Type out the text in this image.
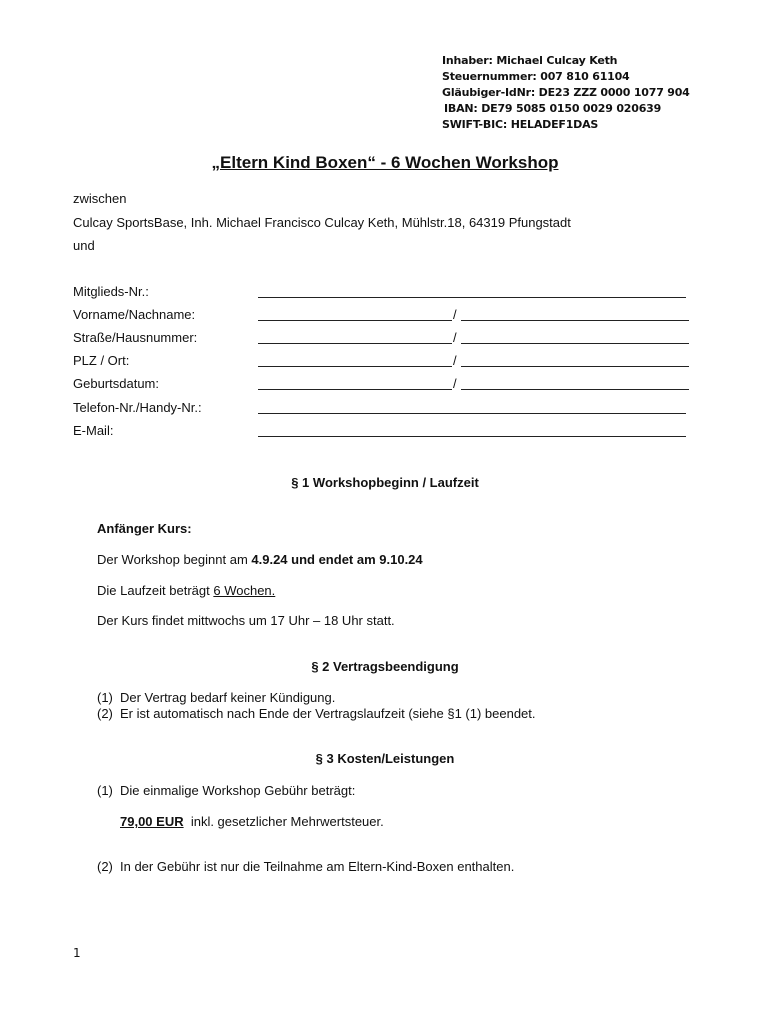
Inhaber: Michael Culcay Keth
Steuernummer: 007 810 61104
Gläubiger-IdNr: DE23 ZZZ 0000 1077 904
IBAN: DE79 5085 0150 0029 020639
SWIFT-BIC: HELADEF1DAS
„Eltern Kind Boxen“ - 6 Wochen Workshop
zwischen
Culcay SportsBase, Inh. Michael Francisco Culcay Keth, Mühlstr.18, 64319 Pfungstadt
und
Mitglieds-Nr.:
Vorname/Nachname:	/
Straße/Hausnummer:	/
PLZ / Ort:	/
Geburtsdatum:	/
Telefon-Nr./Handy-Nr.:
E-Mail:
§ 1 Workshopbeginn / Laufzeit
Anfänger Kurs:
Der Workshop beginnt am 4.9.24 und endet am 9.10.24
Die Laufzeit beträgt 6 Wochen.
Der Kurs findet mittwochs um 17 Uhr – 18 Uhr statt.
§ 2 Vertragsbeendigung
(1) Der Vertrag bedarf keiner Kündigung.
(2) Er ist automatisch nach Ende der Vertragslaufzeit (siehe §1 (1) beendet.
§ 3 Kosten/Leistungen
(1) Die einmalige Workshop Gebühr beträgt:
79,00 EUR inkl. gesetzlicher Mehrwertsteuer.
(2) In der Gebühr ist nur die Teilnahme am Eltern-Kind-Boxen enthalten.
1
